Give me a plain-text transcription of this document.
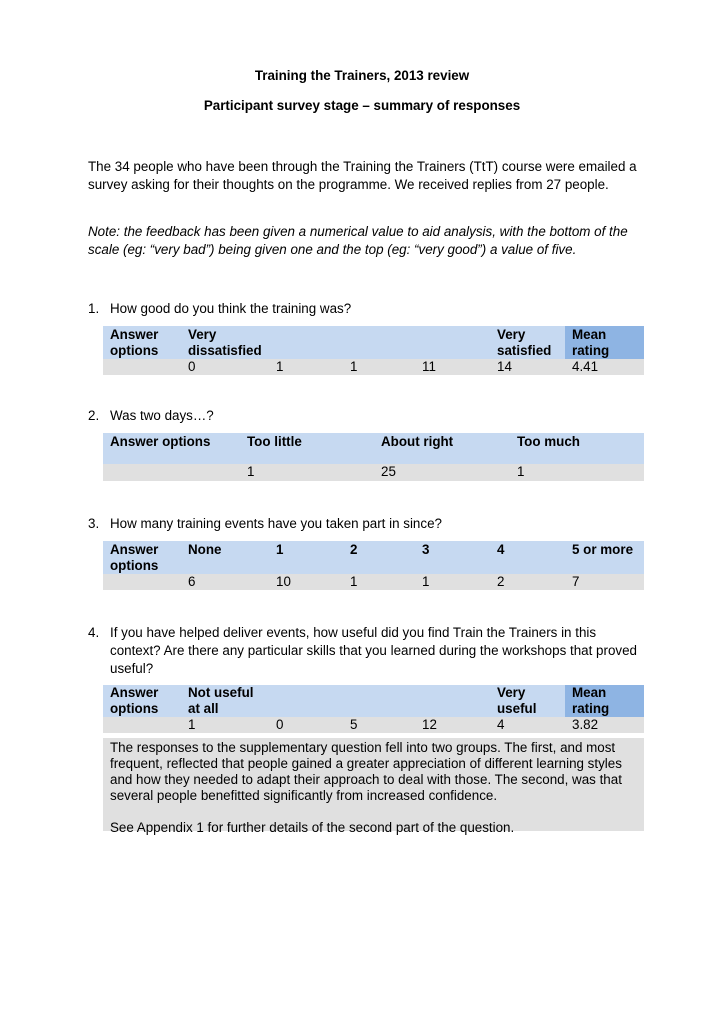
Training the Trainers, 2013 review
Participant survey stage – summary of responses
The 34 people who have been through the Training the Trainers (TtT) course were emailed a survey asking for their thoughts on the programme. We received replies from 27 people.
Note: the feedback has been given a numerical value to aid analysis, with the bottom of the scale (eg: “very bad”) being given one and the top (eg: “very good”) a value of five.
1. How good do you think the training was?
Answer options	Very dissatisfied				Very satisfied	Mean rating
	0	1	1	11	14	4.41
2. Was two days…?
Answer options	Too little	About right	Too much
	1	25	1
3. How many training events have you taken part in since?
Answer options	None	1	2	3	4	5 or more
	6	10	1	1	2	7
4. If you have helped deliver events, how useful did you find Train the Trainers in this context? Are there any particular skills that you learned during the workshops that proved useful?
Answer options	Not useful at all				Very useful	Mean rating
	1	0	5	12	4	3.82

The responses to the supplementary question fell into two groups. The first, and most frequent, reflected that people gained a greater appreciation of different learning styles and how they needed to adapt their approach to deal with those. The second, was that several people benefitted significantly from increased confidence.

See Appendix 1 for further details of the second part of the question.
